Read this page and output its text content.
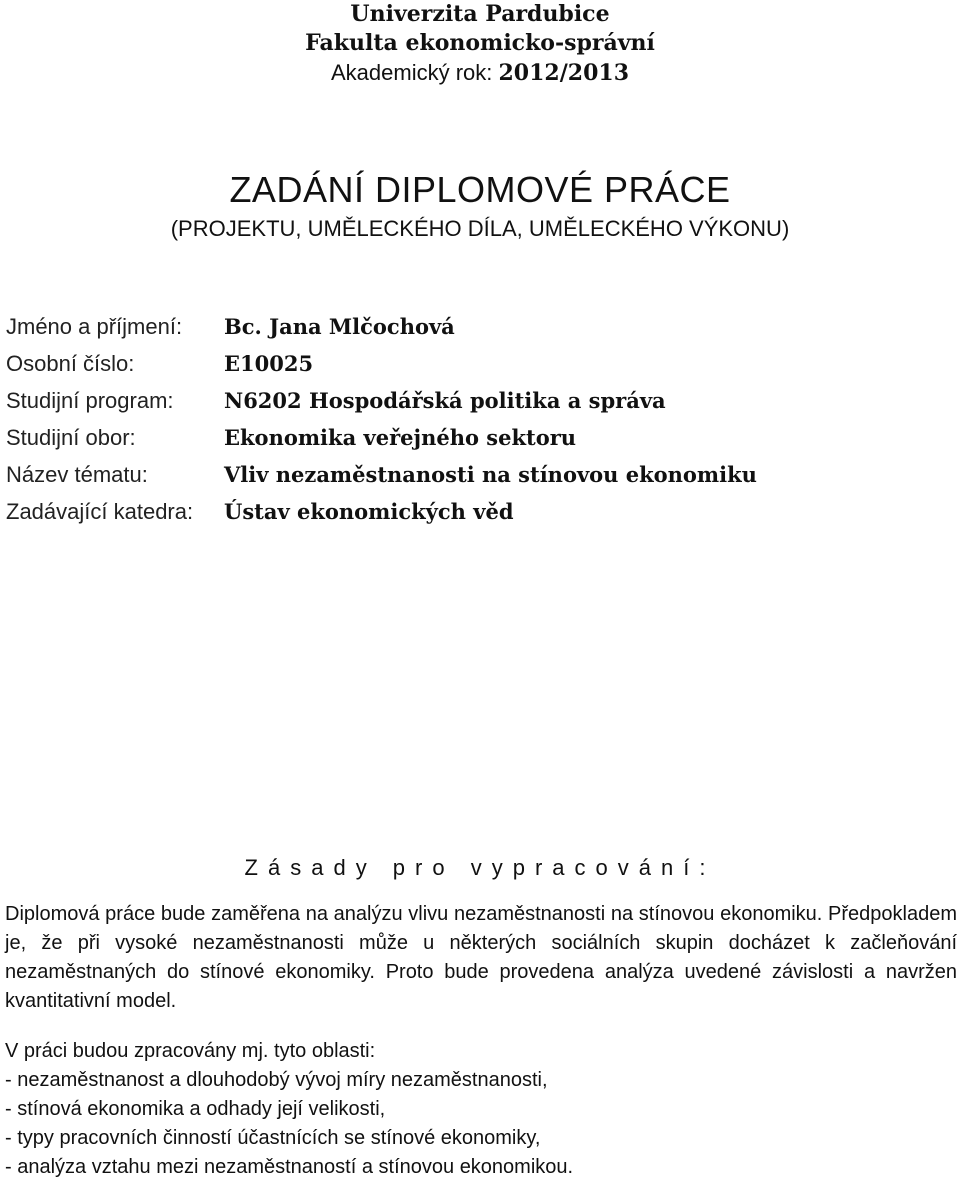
Univerzita Pardubice
Fakulta ekonomicko-správní
Akademický rok: 2012/2013
ZADÁNÍ DIPLOMOVÉ PRÁCE
(PROJEKTU, UMĚLECKÉHO DÍLA, UMĚLECKÉHO VÝKONU)
Jméno a příjmení:	Bc. Jana Mlčochová
Osobní číslo:	E10025
Studijní program:	N6202 Hospodářská politika a správa
Studijní obor:	Ekonomika veřejného sektoru
Název tématu:	Vliv nezaměstnanosti na stínovou ekonomiku
Zadávající katedra:	Ústav ekonomických věd
Zásady pro vypracování:

Diplomová práce bude zaměřena na analýzu vlivu nezaměstnanosti na stínovou ekonomiku. Předpokladem je, že při vysoké nezaměstnanosti může u některých sociálních skupin docházet k začleňování nezaměstnaných do stínové ekonomiky. Proto bude provedena analýza uvedené závislosti a navržen kvantitativní model.

V práci budou zpracovány mj. tyto oblasti:
- nezaměstnanost a dlouhodobý vývoj míry nezaměstnanosti,
- stínová ekonomika a odhady její velikosti,
- typy pracovních činností účastnících se stínové ekonomiky,
- analýza vztahu mezi nezaměstnaností a stínovou ekonomikou.
